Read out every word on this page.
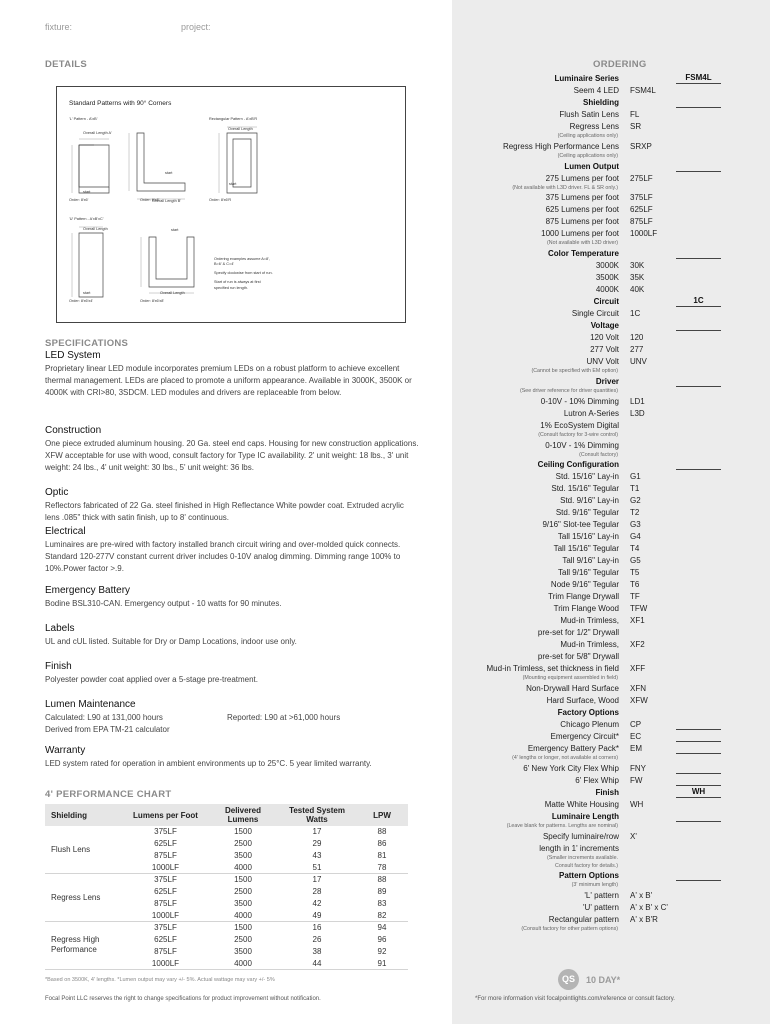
fixture:	project:
DETAILS
Standard Patterns with 90° Corners
'L' Pattern - A'xB'	Rectangular Pattern - A'xB'R
'U' Pattern - A'xB'xC'
Overall Length A'
Overall Length B'
Overall Length
Overall Length
Overall Length
start
start
start
start
start
Order: 8'x6'	Order: 6'x8'	Order: 8'x6'R
Order: 8'x6'x4'	Order: 8'x6'x8'

Ordering examples assume A=8', B=6' & C=4'

Specify clockwise from start of run.

Start of run is always at first specified run length.

SPECIFICATIONS
LED System

Proprietary linear LED module incorporates premium LEDs on a robust platform to achieve excellent thermal management. LEDs are placed to promote a uniform appearance. Available in 3000K, 3500K or 4000K with CRI>80, 3SDCM. LED modules and drivers are replaceable from below.

Construction

One piece extruded aluminum housing. 20 Ga. steel end caps. Housing for new construction applications. XFW acceptable for use with wood, consult factory for Type IC availability. 2' unit weight: 18 lbs., 3' unit weight: 24 lbs., 4' unit weight: 30 lbs., 5' unit weight: 36 lbs.

Optic

Reflectors fabricated of 22 Ga. steel finished in High Reflectance White powder coat. Extruded acrylic lens .085" thick with satin finish, up to 8' continuous.

Electrical

Luminaires are pre-wired with factory installed branch circuit wiring and over-molded quick connects. Standard 120-277V constant current driver includes 0-10V analog dimming. Dimming range 100% to 10%.Power factor >.9.

Emergency Battery

Bodine BSL310-CAN. Emergency output - 10 watts for 90 minutes.

Labels

UL and cUL listed. Suitable for Dry or Damp Locations, indoor use only.

Finish

Polyester powder coat applied over a 5-stage pre-treatment.

Lumen Maintenance
Calculated: L90 at 131,000 hours	Reported: L90 at >61,000 hours
Derived from EPA TM-21 calculator
Warranty

LED system rated for operation in ambient environments up to 25°C. 5 year limited warranty.

4' PERFORMANCE CHART
Shielding	Lumens per Foot	Delivered Lumens	Tested System Watts	LPW
Flush Lens	375LF	1500	17	88
	625LF	2500	29	86
	875LF	3500	43	81
	1000LF	4000	51	78
Regress Lens	375LF	1500	17	88
	625LF	2500	28	89
	875LF	3500	42	83
	1000LF	4000	49	82
Regress High Performance	375LF	1500	16	94
	625LF	2500	26	96
	875LF	3500	38	92
	1000LF	4000	44	91
*Based on 3500K, 4' lengths. *Lumen output may vary +/- 5%. Actual wattage may vary +/- 5%
Focal Point LLC reserves the right to change specifications for product improvement without notification.
ORDERING
Luminaire Series	FSM4L
Seem 4 LED FSM4L
Shielding
Flush Satin Lens FL
Regress Lens SR
(Ceiling applications only)
Regress High Performance Lens SRXP
(Ceiling applications only)
Lumen Output
275 Lumens per foot 275LF
(Not available with L3D driver. FL & SR only.)
375 Lumens per foot 375LF
625 Lumens per foot 625LF
875 Lumens per foot 875LF
1000 Lumens per foot 1000LF
(Not available with L3D driver)
Color Temperature
3000K 30K
3500K 35K
4000K 40K
Circuit	1C
Single Circuit 1C
Voltage
120 Volt 120
277 Volt 277
UNV Volt UNV
(Cannot be specified with EM option)
Driver
(See driver reference for driver quantities)
0-10V - 10% Dimming LD1
Lutron A-Series L3D
1% EcoSystem Digital
(Consult factory for 3-wire control)
0-10V - 1% Dimming
(Consult factory)
Ceiling Configuration
Std. 15/16" Lay-in G1
Std. 15/16" Tegular T1
Std. 9/16" Lay-in G2
Std. 9/16" Tegular T2
9/16" Slot-tee Tegular G3
Tall 15/16" Lay-in G4
Tall 15/16" Tegular T4
Tall 9/16" Lay-in G5
Tall 9/16" Tegular T5
Node 9/16" Tegular T6
Trim Flange Drywall TF
Trim Flange Wood TFW
Mud-in Trimless, XF1
pre-set for 1/2" Drywall
Mud-in Trimless, XF2
pre-set for 5/8" Drywall
Mud-in Trimless, set thickness in field XFF
(Mounting equipment assembled in field)
Non-Drywall Hard Surface XFN
Hard Surface, Wood XFW
Factory Options
Chicago Plenum CP
Emergency Circuit* EC
Emergency Battery Pack* EM
(4' lengths or longer, not available at corners)
6' New York City Flex Whip FNY
6' Flex Whip FW
Finish	WH
Matte White Housing WH
Luminaire Length
(Leave blank for patterns. Lengths are nominal)
Specify luminaire/row X'
length in 1' increments
(Smaller increments available.
Consult factory for details.)
Pattern Options
(3' minimum length)
'L' pattern A' x B'
'U' pattern A' x B' x C'
Rectangular pattern A' x B'R
(Consult factory for other pattern options)
QS	10 DAY*
*For more information visit focalpointlights.com/reference or consult factory.
